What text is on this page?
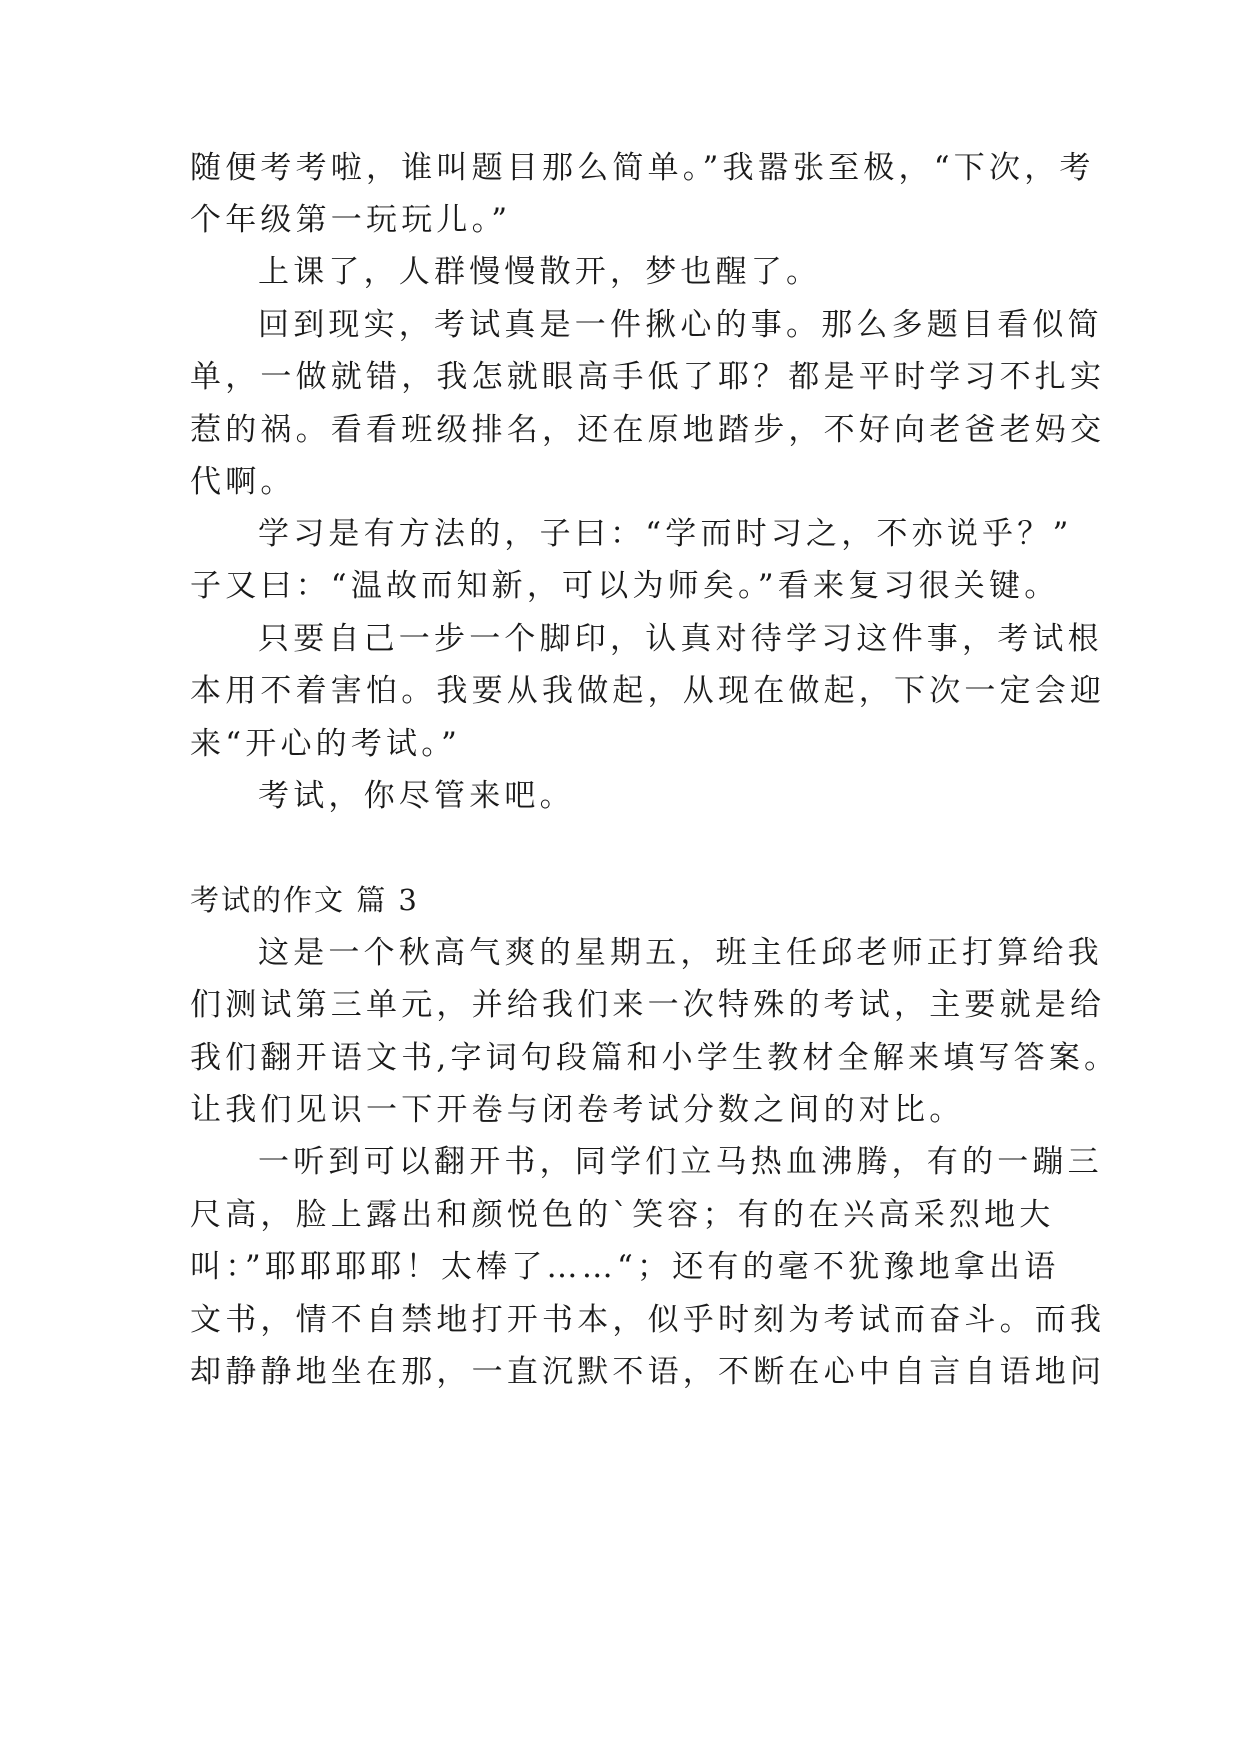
随便考考啦，谁叫题目那么简单。”我嚣张至极，“下次，考
个年级第一玩玩儿。”
上课了，人群慢慢散开，梦也醒了。
回到现实，考试真是一件揪心的事。那么多题目看似简
单，一做就错，我怎就眼高手低了耶？都是平时学习不扎实
惹的祸。看看班级排名，还在原地踏步，不好向老爸老妈交
代啊。
学习是有方法的，子曰：“学而时习之，不亦说乎？”
子又曰：“温故而知新，可以为师矣。”看来复习很关键。
只要自己一步一个脚印，认真对待学习这件事，考试根
本用不着害怕。我要从我做起，从现在做起，下次一定会迎
来“开心的考试。”
考试，你尽管来吧。
考试的作文 篇 3
这是一个秋高气爽的星期五，班主任邱老师正打算给我
们测试第三单元，并给我们来一次特殊的考试，主要就是给
我们翻开语文书,字词句段篇和小学生教材全解来填写答案。
让我们见识一下开卷与闭卷考试分数之间的对比。
一听到可以翻开书，同学们立马热血沸腾，有的一蹦三
尺高，脸上露出和颜悦色的`笑容；有的在兴高采烈地大
叫：”耶耶耶耶！太棒了……“；还有的毫不犹豫地拿出语
文书，情不自禁地打开书本，似乎时刻为考试而奋斗。而我
却静静地坐在那，一直沉默不语，不断在心中自言自语地问
